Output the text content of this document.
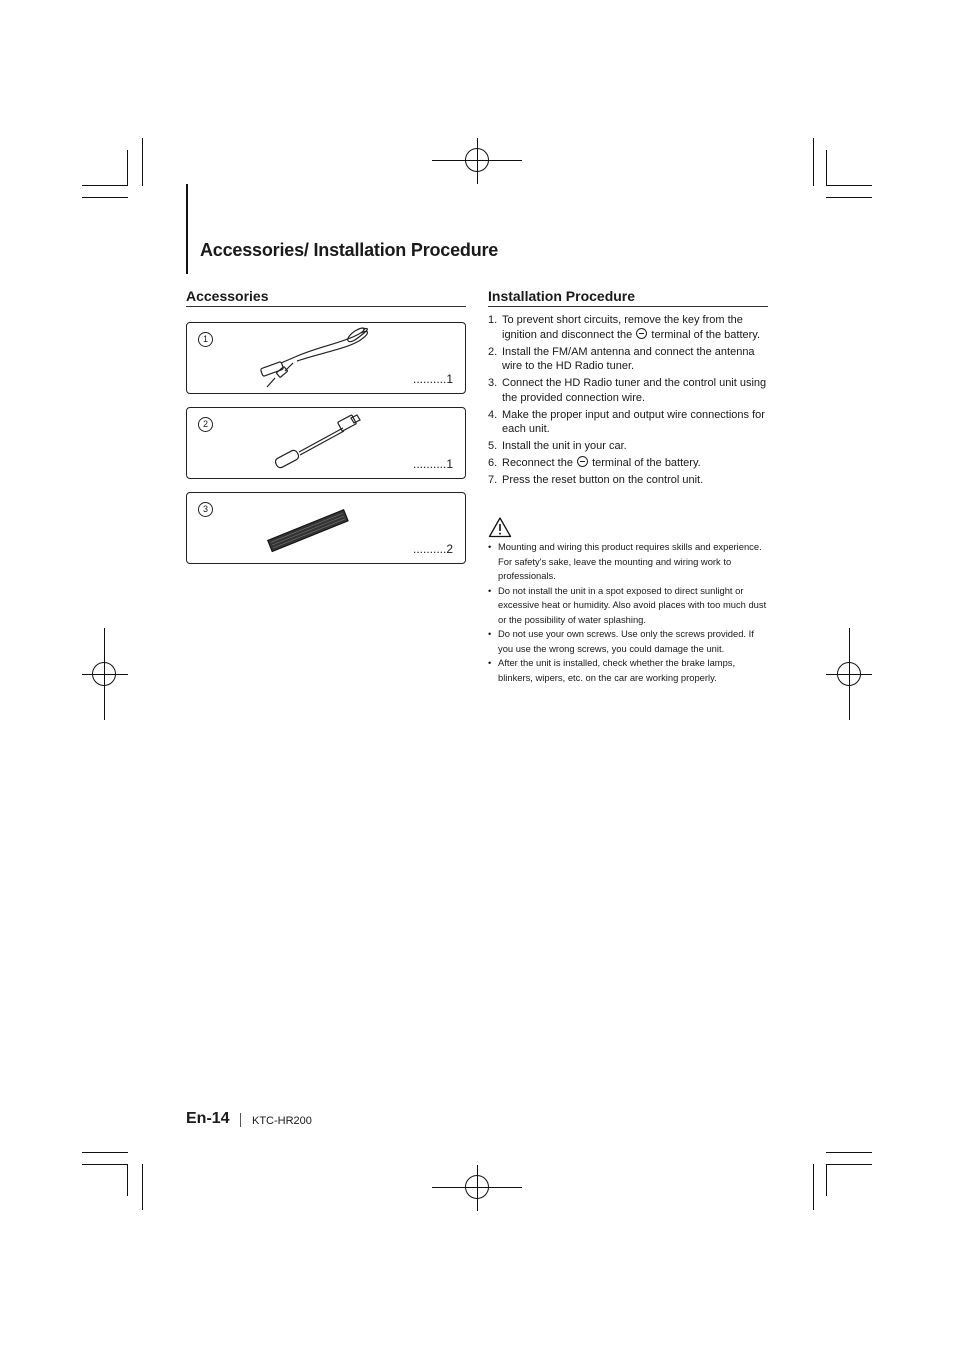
Accessories/ Installation Procedure
Accessories
1
..........1
2
..........1
3
..........2
Installation Procedure
1. To prevent short circuits, remove the key from the ignition and disconnect the terminal of the battery.
2. Install the FM/AM antenna and connect the antenna wire to the HD Radio tuner.
3. Connect the HD Radio tuner and the control unit using the provided connection wire.
4. Make the proper input and output wire connections for each unit.
5. Install the unit in your car.
6. Reconnect the terminal of the battery.
7. Press the reset button on the control unit.
• Mounting and wiring this product requires skills and experience. For safety's sake, leave the mounting and wiring work to professionals.
• Do not install the unit in a spot exposed to direct sunlight or excessive heat or humidity. Also avoid places with too much dust or the possibility of water splashing.
• Do not use your own screws. Use only the screws provided. If you use the wrong screws, you could damage the unit.
• After the unit is installed, check whether the brake lamps, blinkers, wipers, etc. on the car are working properly.
En-14 KTC-HR200
